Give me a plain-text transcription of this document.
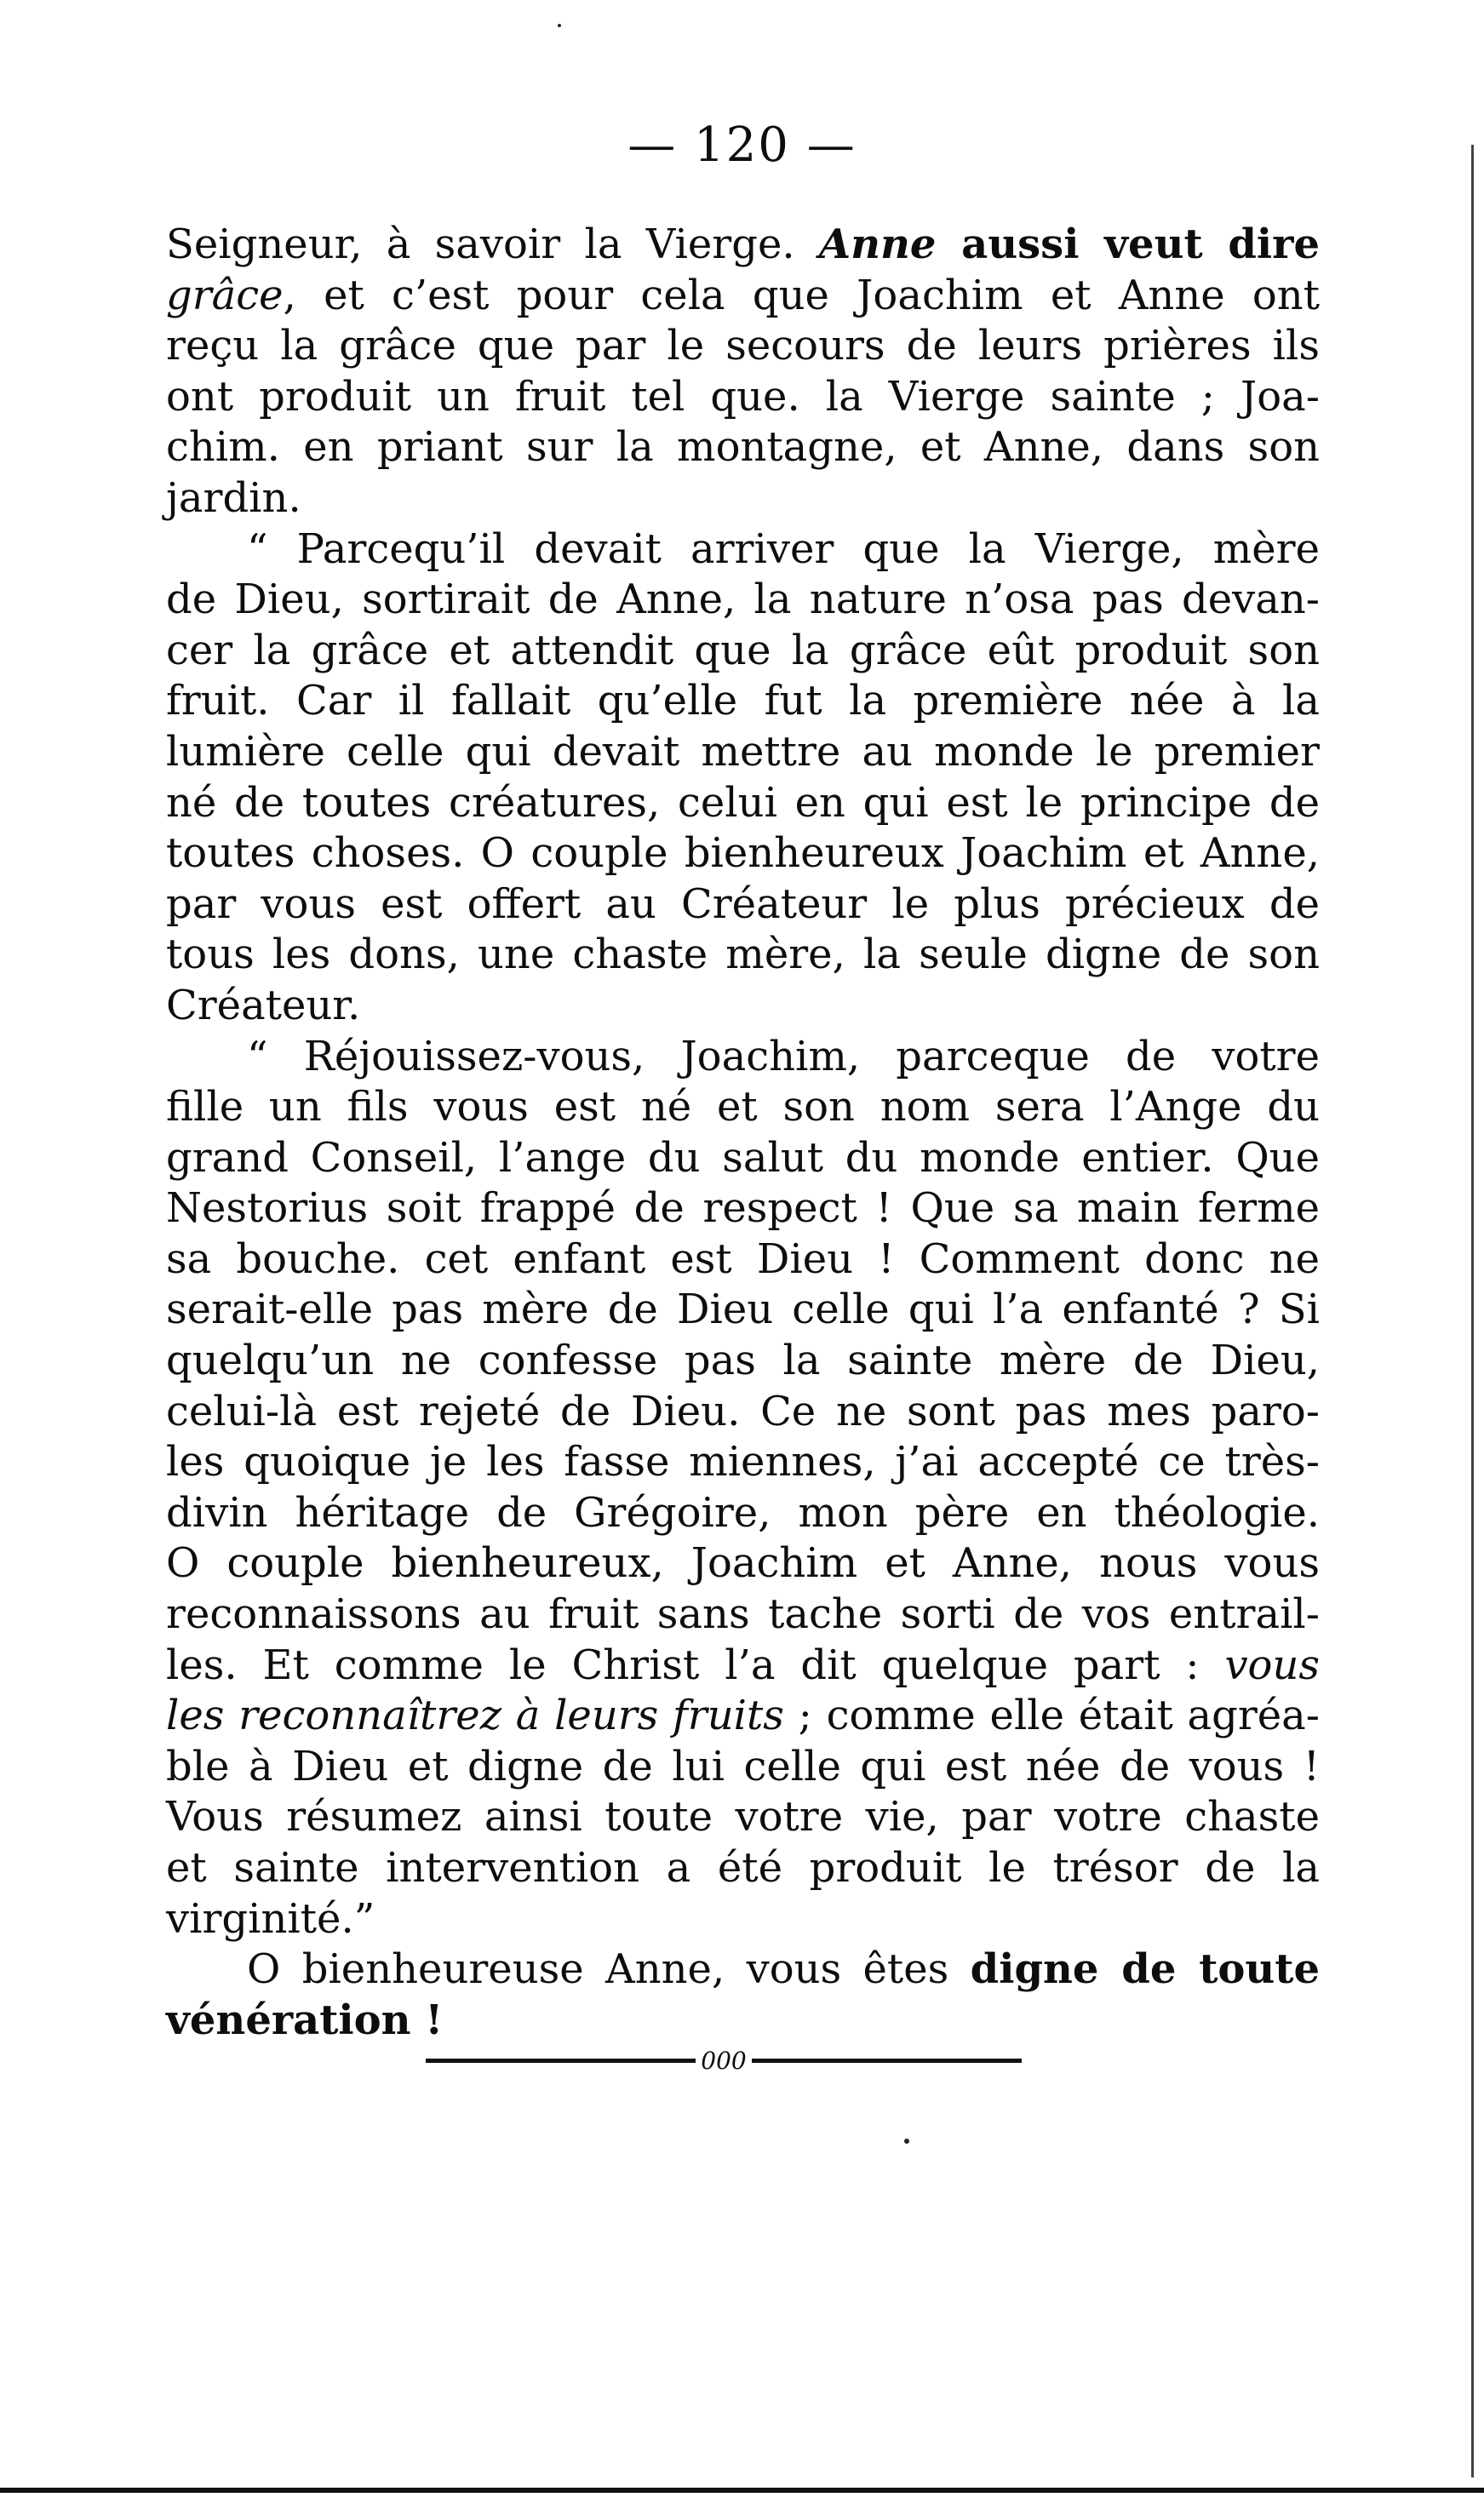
— 120 —
Seigneur, à savoir la Vierge. Anne aussi veut dire
grâce, et c’est pour cela que Joachim et Anne ont
reçu la grâce que par le secours de leurs prières ils
ont produit un fruit tel que. la Vierge sainte ; Joa-
chim. en priant sur la montagne, et Anne, dans son
jardin.
“ Parcequ’il devait arriver que la Vierge, mère
de Dieu, sortirait de Anne, la nature n’osa pas devan-
cer la grâce et attendit que la grâce eût produit son
fruit. Car il fallait qu’elle fut la première née à la
lumière celle qui devait mettre au monde le premier
né de toutes créatures, celui en qui est le principe de
toutes choses. O couple bienheureux Joachim et Anne,
par vous est offert au Créateur le plus précieux de
tous les dons, une chaste mère, la seule digne de son
Créateur.
“ Réjouissez-vous, Joachim, parceque de votre
fille un fils vous est né et son nom sera l’Ange du
grand Conseil, l’ange du salut du monde entier. Que
Nestorius soit frappé de respect ! Que sa main ferme
sa bouche. cet enfant est Dieu ! Comment donc ne
serait-elle pas mère de Dieu celle qui l’a enfanté ? Si
quelqu’un ne confesse pas la sainte mère de Dieu,
celui-là est rejeté de Dieu. Ce ne sont pas mes paro-
les quoique je les fasse miennes, j’ai accepté ce très-
divin héritage de Grégoire, mon père en théologie.
O couple bienheureux, Joachim et Anne, nous vous
reconnaissons au fruit sans tache sorti de vos entrail-
les. Et comme le Christ l’a dit quelque part : vous
les reconnaîtrez à leurs fruits ; comme elle était agréa-
ble à Dieu et digne de lui celle qui est née de vous !
Vous résumez ainsi toute votre vie, par votre chaste
et sainte intervention a été produit le trésor de la
virginité.”
O bienheureuse Anne, vous êtes digne de toute
vénération !
000
